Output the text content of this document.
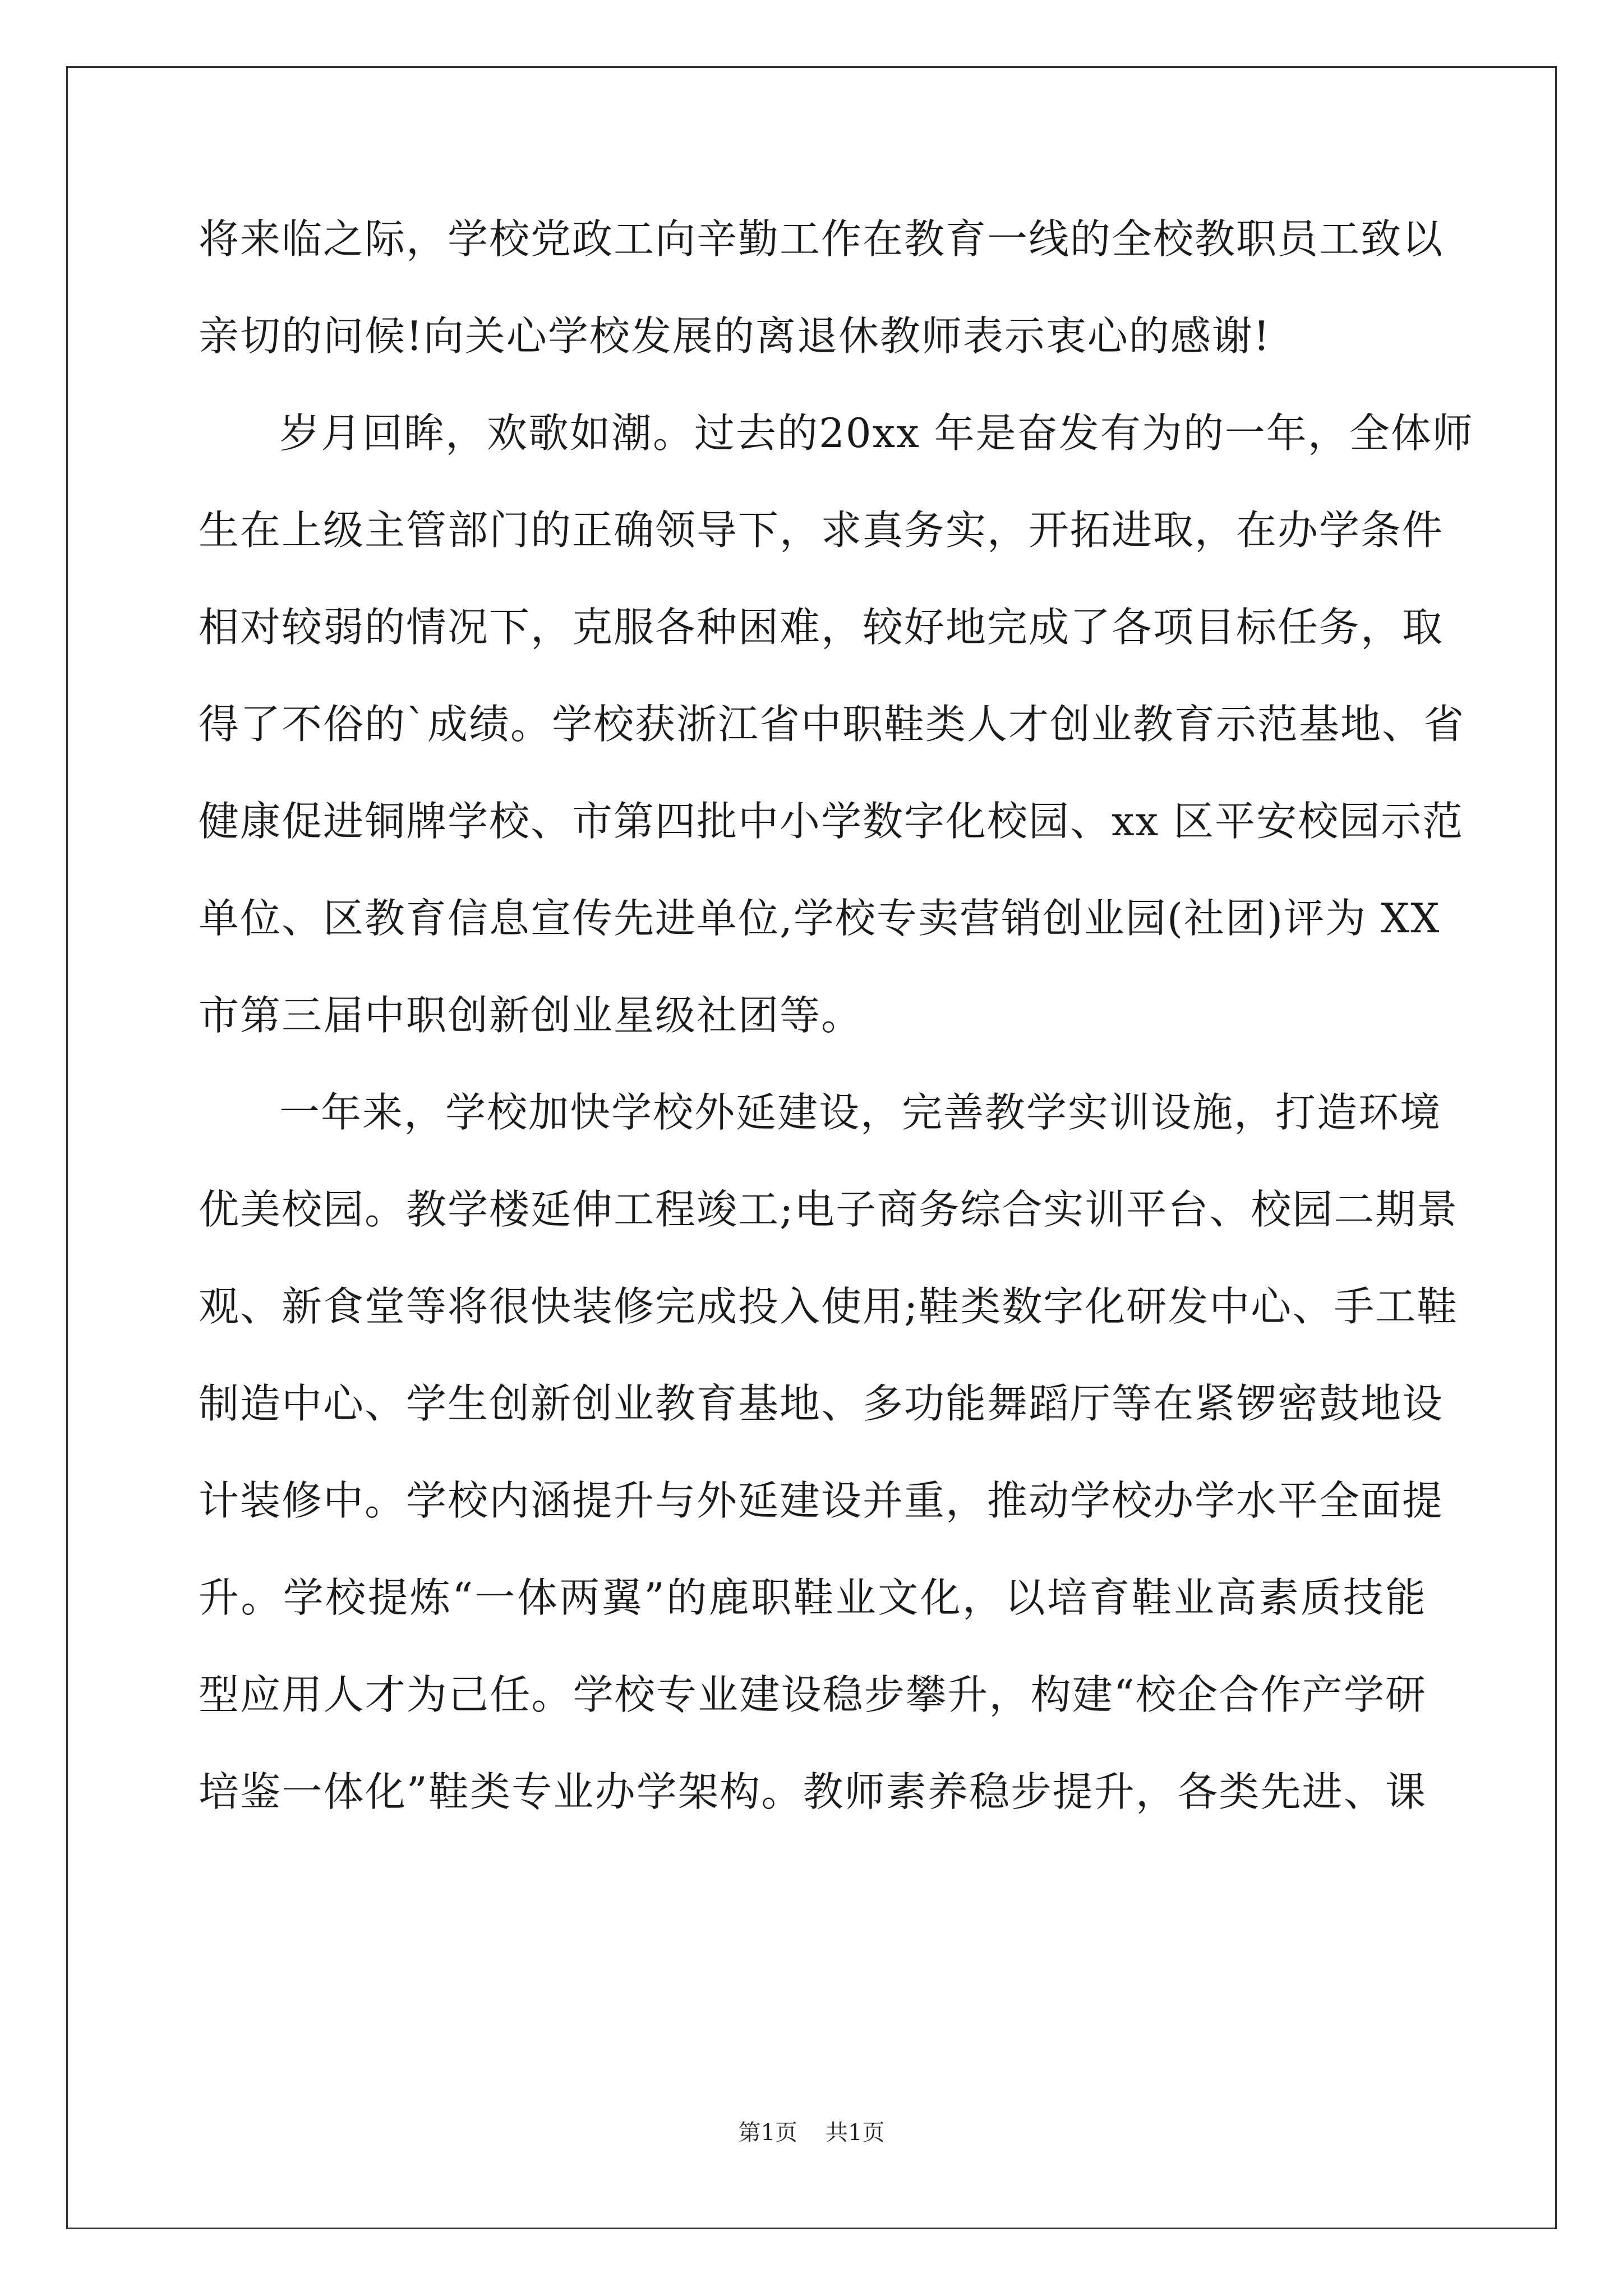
将来临之际，学校党政工向辛勤工作在教育一线的全校教职员工致以
亲切的问候!向关心学校发展的离退休教师表示衷心的感谢!
岁月回眸，欢歌如潮。过去的20xx 年是奋发有为的一年，全体师
生在上级主管部门的正确领导下，求真务实，开拓进取，在办学条件
相对较弱的情况下，克服各种困难，较好地完成了各项目标任务，取
得了不俗的`成绩。学校获浙江省中职鞋类人才创业教育示范基地、省
健康促进铜牌学校、市第四批中小学数字化校园、xx 区平安校园示范
单位、区教育信息宣传先进单位,学校专卖营销创业园(社团)评为 XX
市第三届中职创新创业星级社团等。
一年来，学校加快学校外延建设，完善教学实训设施，打造环境
优美校园。教学楼延伸工程竣工;电子商务综合实训平台、校园二期景
观、新食堂等将很快装修完成投入使用;鞋类数字化研发中心、手工鞋
制造中心、学生创新创业教育基地、多功能舞蹈厅等在紧锣密鼓地设
计装修中。学校内涵提升与外延建设并重，推动学校办学水平全面提
升。学校提炼“一体两翼”的鹿职鞋业文化，以培育鞋业高素质技能
型应用人才为己任。学校专业建设稳步攀升，构建“校企合作产学研
培鉴一体化”鞋类专业办学架构。教师素养稳步提升，各类先进、课
第1页 共1页
